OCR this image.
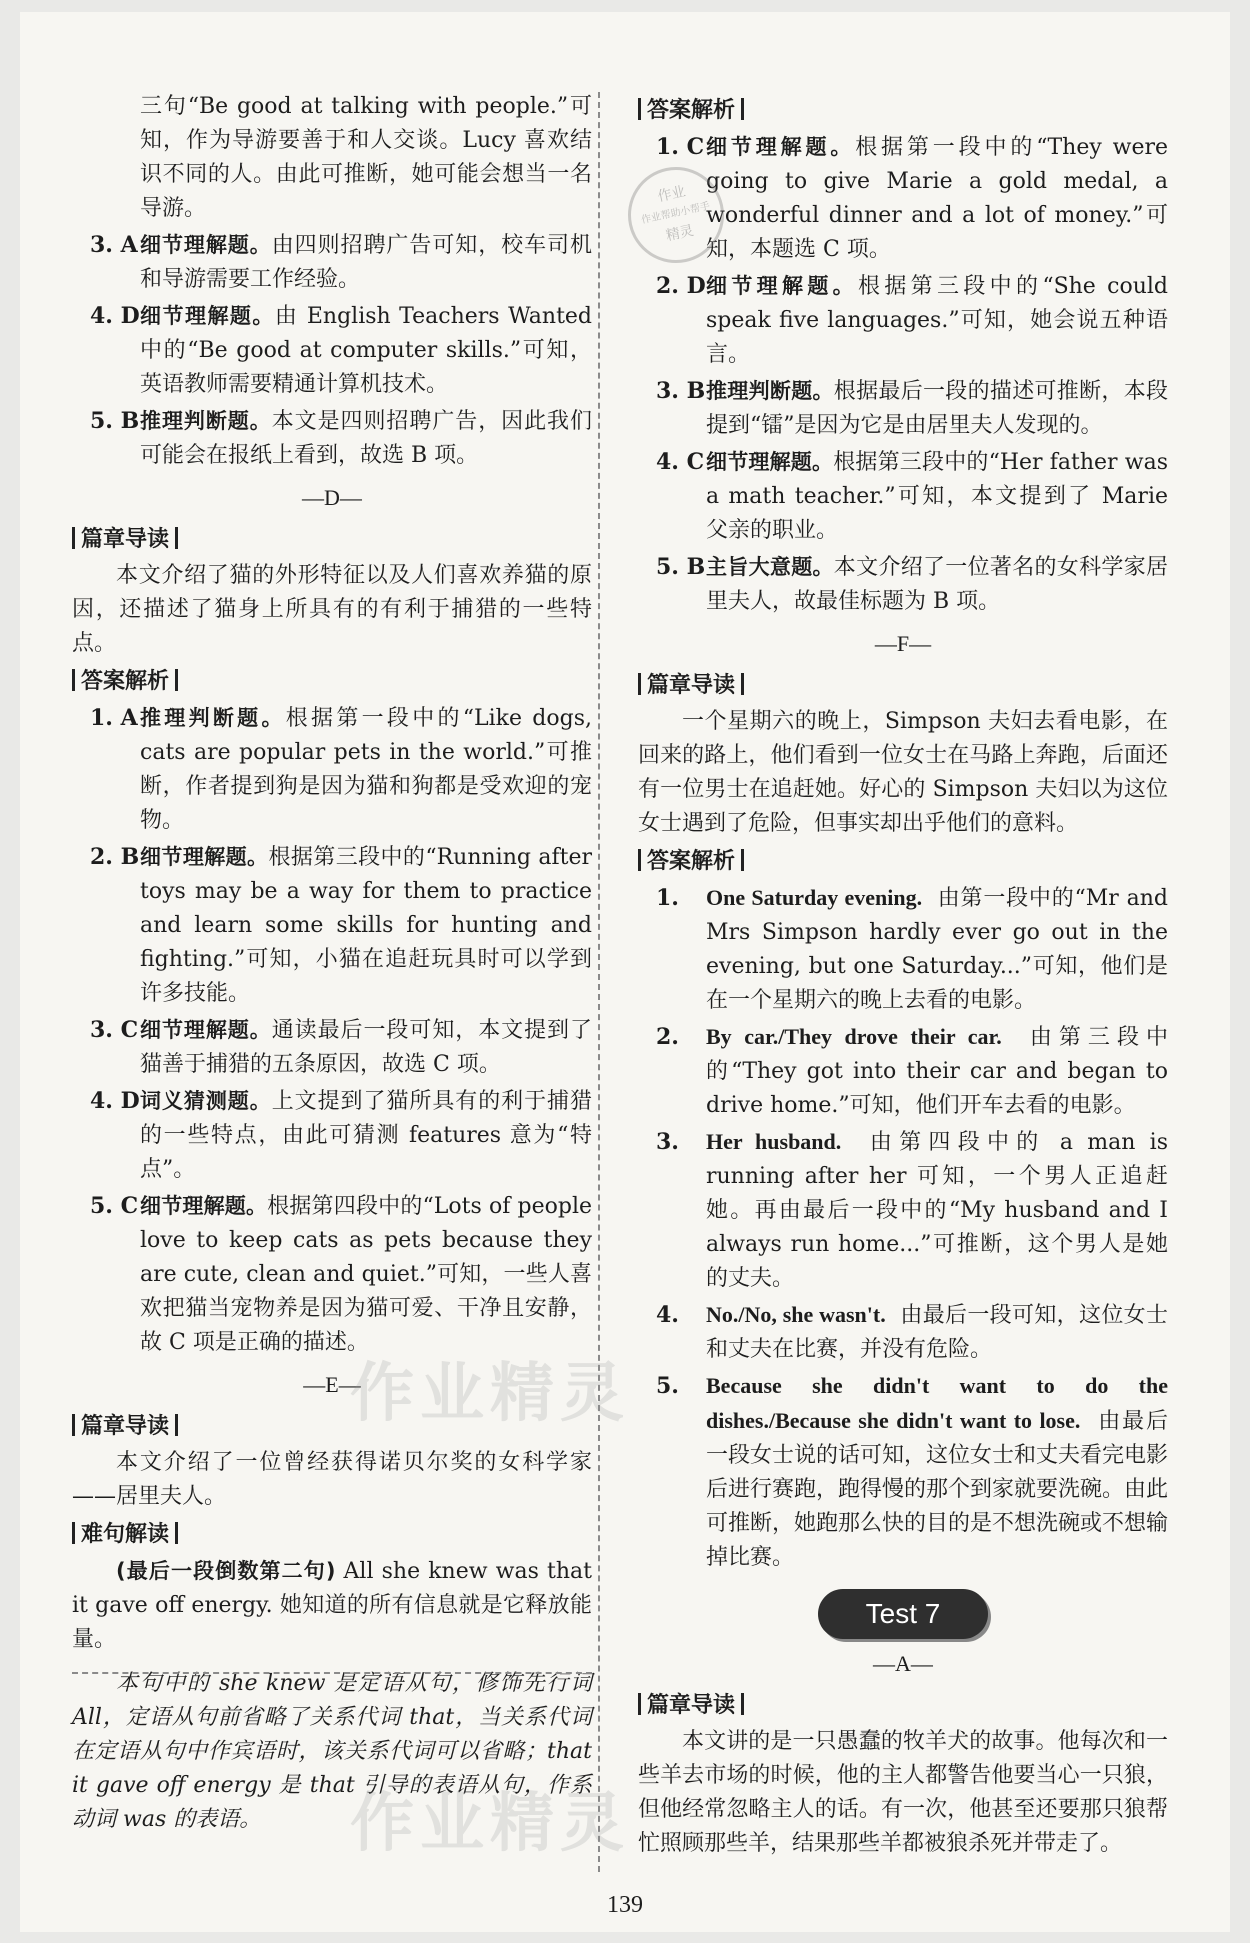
三句“Be good at talking with people.”可知，作为导游要善于和人交谈。Lucy 喜欢结识不同的人。由此可推断，她可能会想当一名导游。
3. A 细节理解题。由四则招聘广告可知，校车司机和导游需要工作经验。
4. D 细节理解题。由 English Teachers Wanted 中的“Be good at computer skills.”可知，英语教师需要精通计算机技术。
5. B 推理判断题。本文是四则招聘广告，因此我们可能会在报纸上看到，故选 B 项。
—D—
篇章导读
本文介绍了猫的外形特征以及人们喜欢养猫的原因，还描述了猫身上所具有的有利于捕猎的一些特点。
答案解析
1. A 推理判断题。根据第一段中的“Like dogs, cats are popular pets in the world.”可推断，作者提到狗是因为猫和狗都是受欢迎的宠物。
2. B 细节理解题。根据第三段中的“Running after toys may be a way for them to practice and learn some skills for hunting and fighting.”可知，小猫在追赶玩具时可以学到许多技能。
3. C 细节理解题。通读最后一段可知，本文提到了猫善于捕猎的五条原因，故选 C 项。
4. D 词义猜测题。上文提到了猫所具有的利于捕猎的一些特点，由此可猜测 features 意为“特点”。
5. C 细节理解题。根据第四段中的“Lots of people love to keep cats as pets because they are cute, clean and quiet.”可知，一些人喜欢把猫当宠物养是因为猫可爱、干净且安静，故 C 项是正确的描述。
—E—
篇章导读
本文介绍了一位曾经获得诺贝尔奖的女科学家——居里夫人。
难句解读
(最后一段倒数第二句) All she knew was that it gave off energy. 她知道的所有信息就是它释放能量。
本句中的 she knew 是定语从句，修饰先行词 All，定语从句前省略了关系代词 that，当关系代词在定语从句中作宾语时，该关系代词可以省略；that it gave off energy 是 that 引导的表语从句，作系动词 was 的表语。
答案解析
1. C 细节理解题。根据第一段中的“They were going to give Marie a gold medal, a wonderful dinner and a lot of money.”可知，本题选 C 项。
2. D 细节理解题。根据第三段中的“She could speak five languages.”可知，她会说五种语言。
3. B 推理判断题。根据最后一段的描述可推断，本段提到“镭”是因为它是由居里夫人发现的。
4. C 细节理解题。根据第三段中的“Her father was a math teacher.”可知，本文提到了 Marie 父亲的职业。
5. B 主旨大意题。本文介绍了一位著名的女科学家居里夫人，故最佳标题为 B 项。
—F—
篇章导读
一个星期六的晚上，Simpson 夫妇去看电影，在回来的路上，他们看到一位女士在马路上奔跑，后面还有一位男士在追赶她。好心的 Simpson 夫妇以为这位女士遇到了危险，但事实却出乎他们的意料。
答案解析
1.	One Saturday evening. 由第一段中的“Mr and Mrs Simpson hardly ever go out in the evening, but one Saturday...”可知，他们是在一个星期六的晚上去看的电影。
2.	By car./They drove their car. 由第三段中的“They got into their car and began to drive home.”可知，他们开车去看的电影。
3.	Her husband. 由第四段中的 a man is running after her 可知，一个男人正追赶她。再由最后一段中的“My husband and I always run home...”可推断，这个男人是她的丈夫。
4.	No./No, she wasn't. 由最后一段可知，这位女士和丈夫在比赛，并没有危险。
5.	Because she didn't want to do the dishes./Because she didn't want to lose. 由最后一段女士说的话可知，这位女士和丈夫看完电影后进行赛跑，跑得慢的那个到家就要洗碗。由此可推断，她跑那么快的目的是不想洗碗或不想输掉比赛。
Test 7
—A—
篇章导读
本文讲的是一只愚蠢的牧羊犬的故事。他每次和一些羊去市场的时候，他的主人都警告他要当心一只狼，但他经常忽略主人的话。有一次，他甚至还要那只狼帮忙照顾那些羊，结果那些羊都被狼杀死并带走了。
作业
作业帮助小帮手
精灵
作业精灵
作业精灵
139
